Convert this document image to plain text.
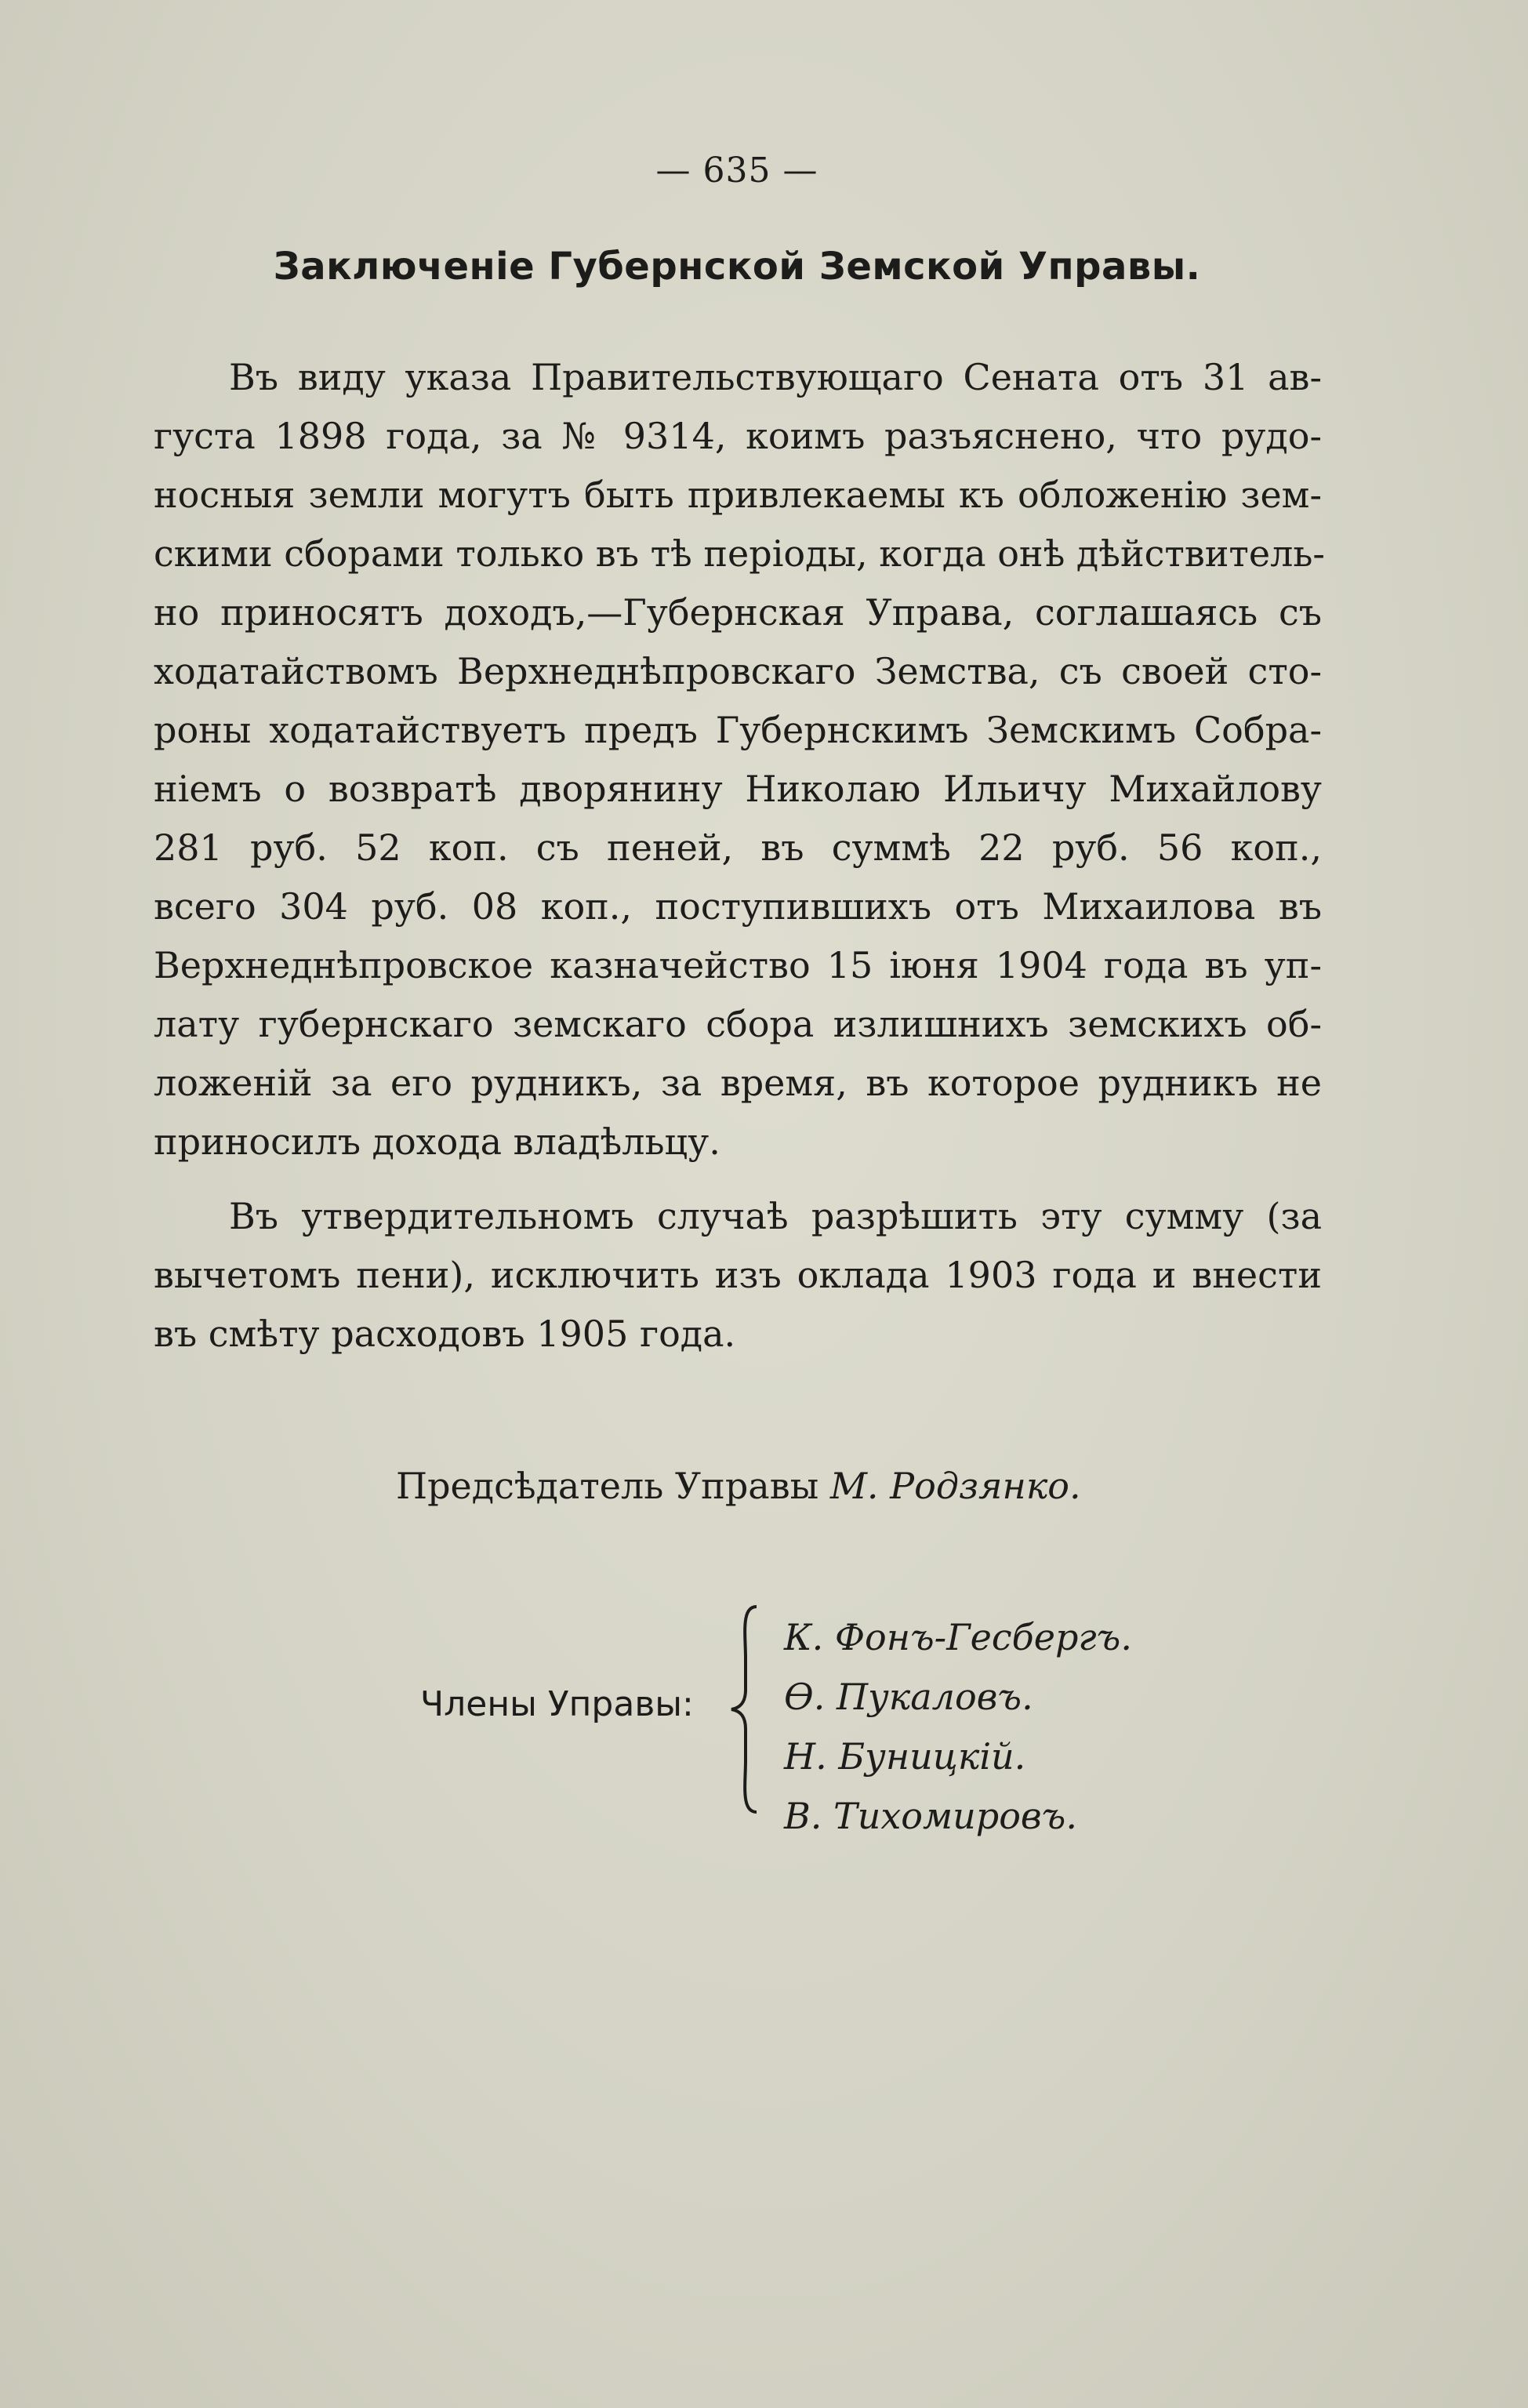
— 635 —
Заключенiе Губернской Земской Управы.
Въ виду указа Правительствующаго Сената отъ 31 ав-
густа 1898 года, за № 9314, коимъ разъяснено, что рудо-
носныя земли могутъ быть привлекаемы къ обложенiю зем-
скими сборами только въ тѣ перiоды, когда онѣ дѣйствитель-
но приносятъ доходъ,—Губернская Управа, соглашаясь съ
ходатайствомъ Верхнеднѣпровскаго Земства, съ своей сто-
роны ходатайствуетъ предъ Губернскимъ Земскимъ Собра-
нiемъ о возвратѣ дворянину Николаю Ильичу Михайлову
281 руб. 52 коп. съ пеней, въ суммѣ 22 руб. 56 коп.,
всего 304 руб. 08 коп., поступившихъ отъ Михаилова въ
Верхнеднѣпровское казначейство 15 iюня 1904 года въ уп-
лату губернскаго земскаго сбора излишнихъ земскихъ об-
ложенiй за его рудникъ, за время, въ которое рудникъ не
приносилъ дохода владѣльцу.
Въ утвердительномъ случаѣ разрѣшить эту сумму (за
вычетомъ пени), исключить изъ оклада 1903 года и внести
въ смѣту расходовъ 1905 года.
Предсѣдатель Управы М. Родзянко.
Члены Управы:
К. Фонъ-Гесбергъ.
Ѳ. Пукаловъ.
Н. Буницкiй.
В. Тихомировъ.
